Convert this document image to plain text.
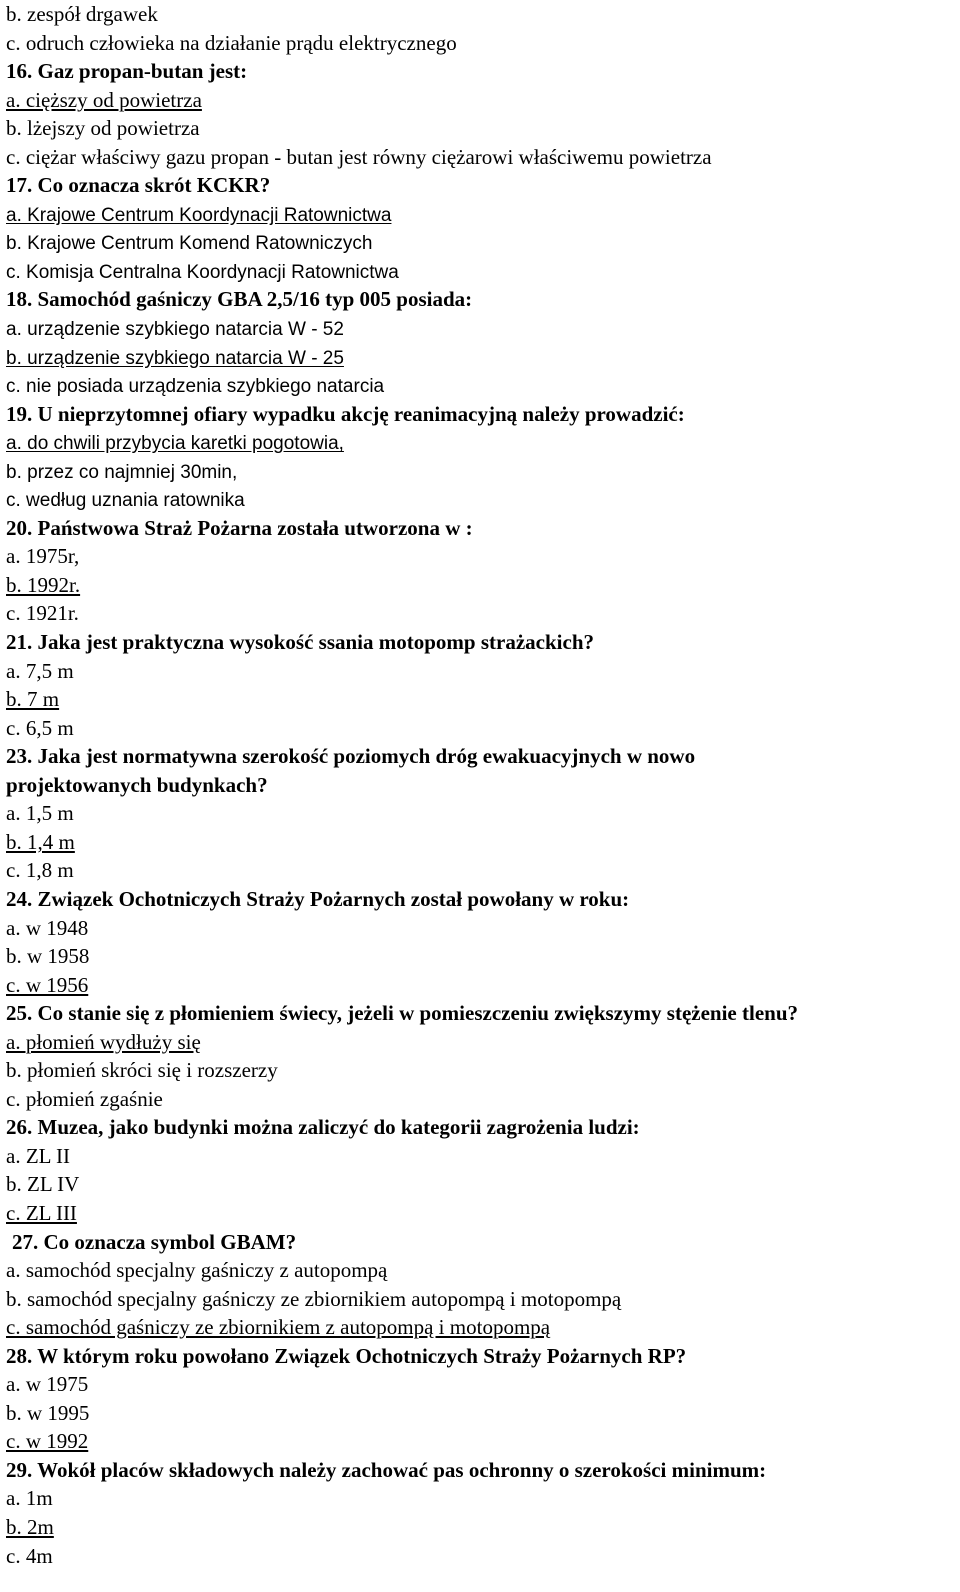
b. zespół drgawek
c. odruch człowieka na działanie prądu elektrycznego
16. Gaz propan-butan jest:
a. cięższy od powietrza
b. lżejszy od powietrza
c. ciężar właściwy gazu propan - butan jest równy ciężarowi właściwemu powietrza
17. Co oznacza skrót KCKR?
a. Krajowe Centrum Koordynacji Ratownictwa
b. Krajowe Centrum Komend Ratowniczych
c. Komisja Centralna Koordynacji Ratownictwa
18. Samochód gaśniczy GBA 2,5/16 typ 005 posiada:
a. urządzenie szybkiego natarcia W - 52
b. urządzenie szybkiego natarcia W - 25
c. nie posiada urządzenia szybkiego natarcia
19. U nieprzytomnej ofiary wypadku akcję reanimacyjną należy prowadzić:
a. do chwili przybycia karetki pogotowia,
b. przez co najmniej 30min,
c. według uznania ratownika
20. Państwowa Straż Pożarna została utworzona w :
a. 1975r,
b. 1992r.
c. 1921r.
21. Jaka jest praktyczna wysokość ssania motopomp strażackich?
a. 7,5 m
b. 7 m
c. 6,5 m
23. Jaka jest normatywna szerokość poziomych dróg ewakuacyjnych w nowo
projektowanych budynkach?
a. 1,5 m
b. 1,4 m
c. 1,8 m
24. Związek Ochotniczych Straży Pożarnych został powołany w roku:
a. w 1948
b. w 1958
c. w 1956
25. Co stanie się z płomieniem świecy, jeżeli w pomieszczeniu zwiększymy stężenie tlenu?
a. płomień wydłuży się
b. płomień skróci się i rozszerzy
c. płomień zgaśnie
26. Muzea, jako budynki można zaliczyć do kategorii zagrożenia ludzi:
a. ZL II
b. ZL IV
c. ZL III
27. Co oznacza symbol GBAM?
a. samochód specjalny gaśniczy z autopompą
b. samochód specjalny gaśniczy ze zbiornikiem autopompą i motopompą
c. samochód gaśniczy ze zbiornikiem z autopompą i motopompą
28. W którym roku powołano Związek Ochotniczych Straży Pożarnych RP?
a. w 1975
b. w 1995
c. w 1992
29. Wokół placów składowych należy zachować pas ochronny o szerokości minimum:
a. 1m
b. 2m
c. 4m
